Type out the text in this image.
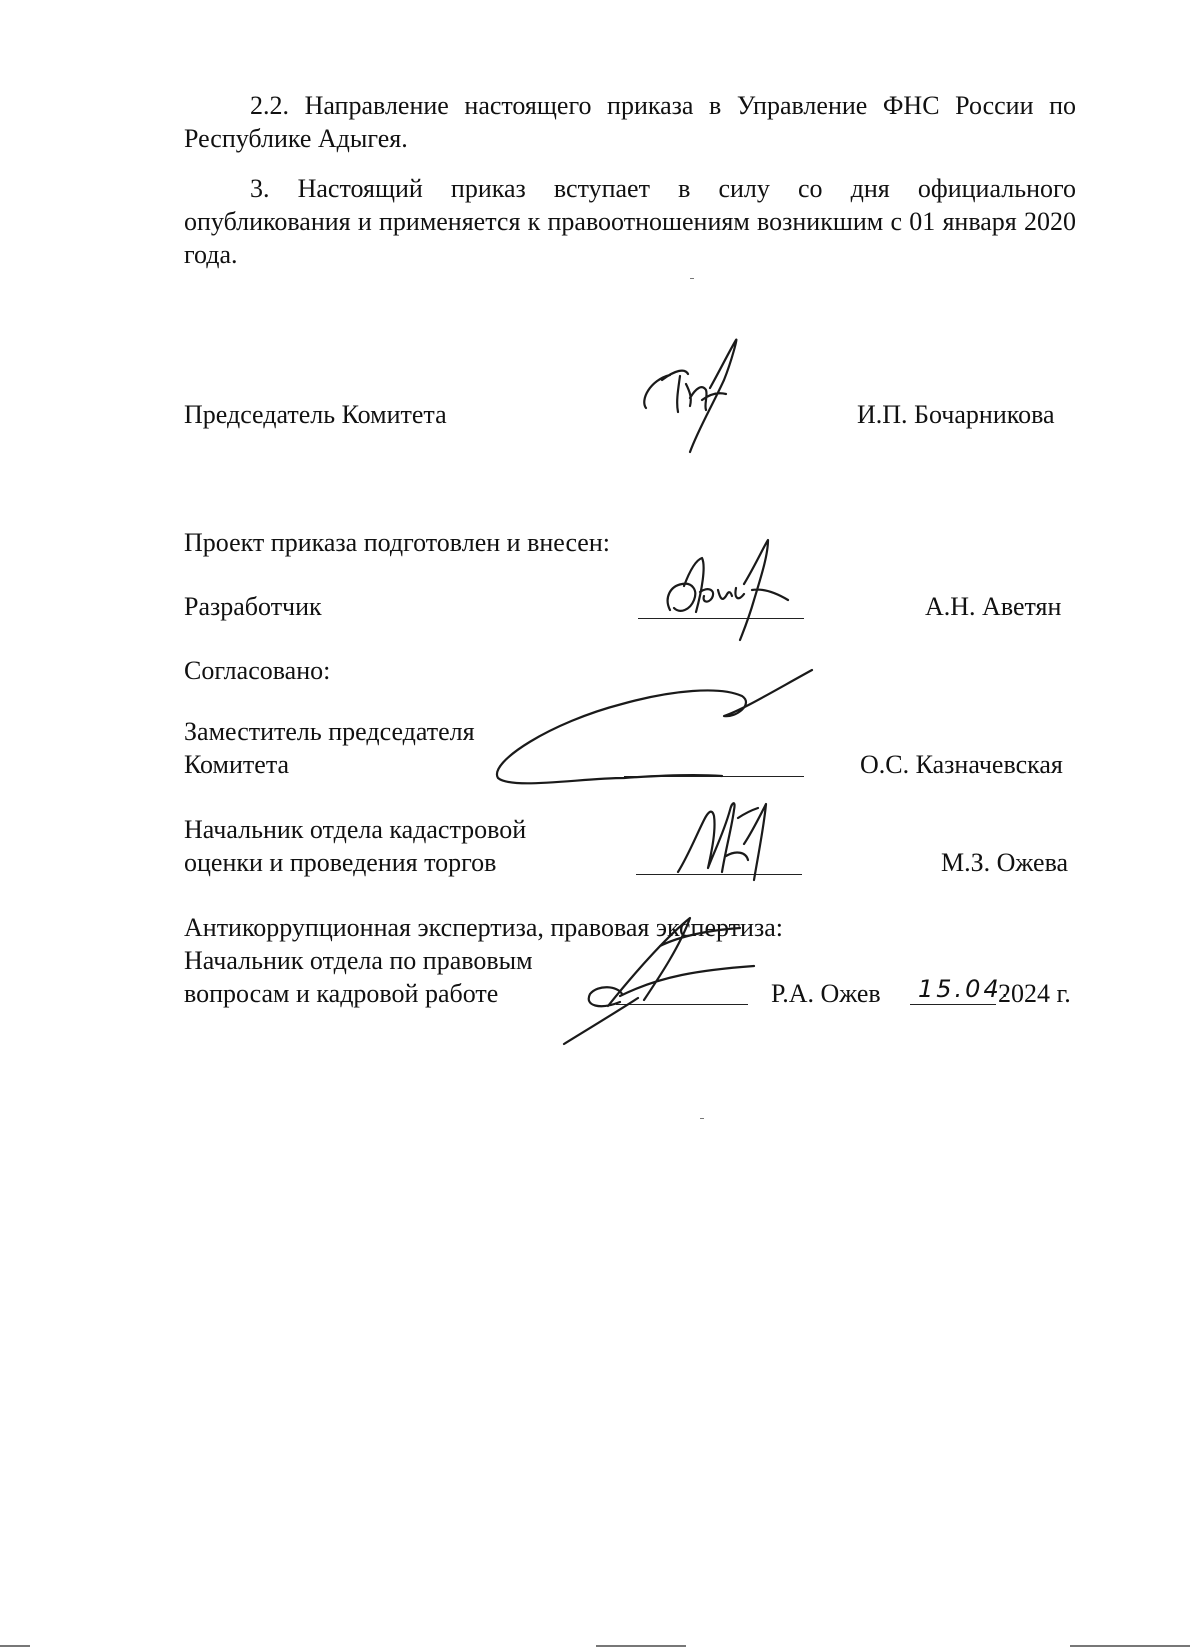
2.2. Направление настоящего приказа в Управление ФНС России по Республике Адыгея.

3. Настоящий приказ вступает в силу со дня официального опубликования и применяется к правоотношениям возникшим с 01 января 2020 года.

Председатель Комитета	И.П. Бочарникова
Проект приказа подготовлен и внесен:
Разработчик	А.Н. Аветян
Согласовано:
Заместитель председателя
Комитета	О.С. Казначевская
Начальник отдела кадастровой
оценки и проведения торгов	М.З. Ожева
Антикоррупционная экспертиза, правовая экспертиза:
Начальник отдела по правовым
вопросам и кадровой работе	Р.А. Ожев 15.04.
2024 г.
